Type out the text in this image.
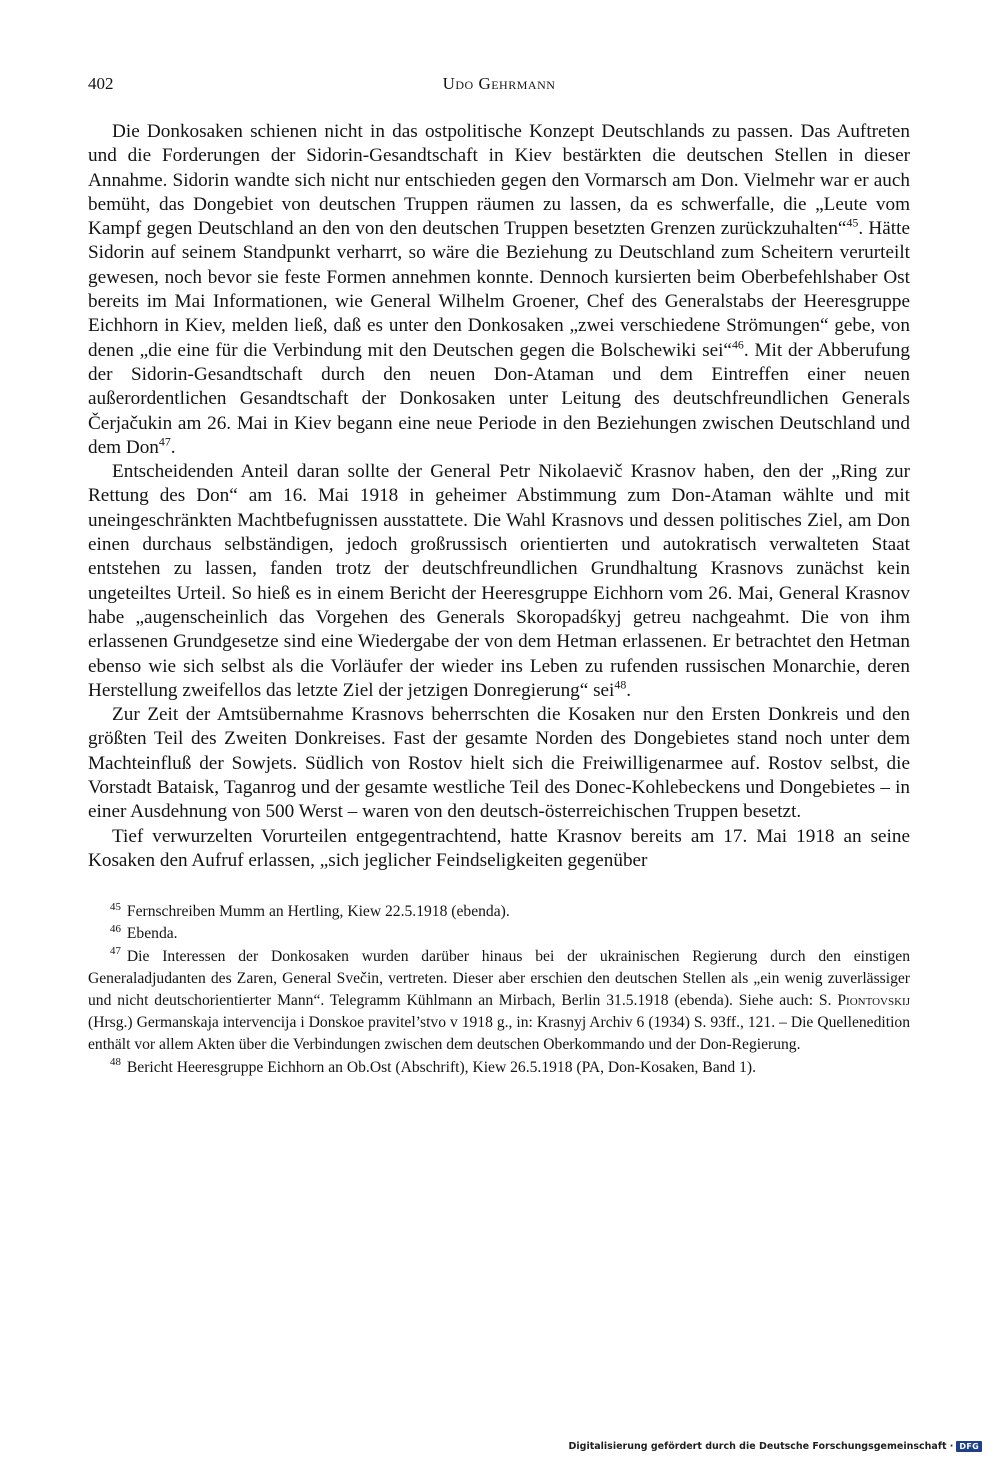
402	Udo Gehrmann

Die Donkosaken schienen nicht in das ostpolitische Konzept Deutschlands zu passen. Das Auftreten und die Forderungen der Sidorin-Gesandtschaft in Kiev bestärkten die deutschen Stellen in dieser Annahme. Sidorin wandte sich nicht nur entschieden gegen den Vormarsch am Don. Vielmehr war er auch bemüht, das Dongebiet von deutschen Truppen räumen zu lassen, da es schwerfalle, die „Leute vom Kampf gegen Deutschland an den von den deutschen Truppen besetzten Grenzen zurückzuhalten“$^{45}$. Hätte Sidorin auf seinem Standpunkt verharrt, so wäre die Beziehung zu Deutschland zum Scheitern verurteilt gewesen, noch bevor sie feste Formen annehmen konnte. Dennoch kursierten beim Oberbefehlshaber Ost bereits im Mai Informationen, wie General Wilhelm Groener, Chef des Generalstabs der Heeresgruppe Eichhorn in Kiev, melden ließ, daß es unter den Donkosaken „zwei verschiedene Strömungen“ gebe, von denen „die eine für die Verbindung mit den Deutschen gegen die Bolschewiki sei“$^{46}$. Mit der Abberufung der Sidorin-Gesandtschaft durch den neuen Don-Ataman und dem Eintreffen einer neuen außerordentlichen Gesandtschaft der Donkosaken unter Leitung des deutschfreundlichen Generals Čerjačukin am 26. Mai in Kiev begann eine neue Periode in den Beziehungen zwischen Deutschland und dem Don$^{47}$.

Entscheidenden Anteil daran sollte der General Petr Nikolaevič Krasnov haben, den der „Ring zur Rettung des Don“ am 16. Mai 1918 in geheimer Abstimmung zum Don-Ataman wählte und mit uneingeschränkten Machtbefugnissen ausstattete. Die Wahl Krasnovs und dessen politisches Ziel, am Don einen durchaus selbständigen, jedoch großrussisch orientierten und autokratisch verwalteten Staat entstehen zu lassen, fanden trotz der deutschfreundlichen Grundhaltung Krasnovs zunächst kein ungeteiltes Urteil. So hieß es in einem Bericht der Heeresgruppe Eichhorn vom 26. Mai, General Krasnov habe „augenscheinlich das Vorgehen des Generals Skoropadśkyj getreu nachgeahmt. Die von ihm erlassenen Grundgesetze sind eine Wiedergabe der von dem Hetman erlassenen. Er betrachtet den Hetman ebenso wie sich selbst als die Vorläufer der wieder ins Leben zu rufenden russischen Monarchie, deren Herstellung zweifellos das letzte Ziel der jetzigen Donregierung“ sei$^{48}$.

Zur Zeit der Amtsübernahme Krasnovs beherrschten die Kosaken nur den Ersten Donkreis und den größten Teil des Zweiten Donkreises. Fast der gesamte Norden des Dongebietes stand noch unter dem Machteinfluß der Sowjets. Südlich von Rostov hielt sich die Freiwilligenarmee auf. Rostov selbst, die Vorstadt Bataisk, Taganrog und der gesamte westliche Teil des Donec-Kohlebeckens und Dongebietes – in einer Ausdehnung von 500 Werst – waren von den deutsch-österreichischen Truppen besetzt.

Tief verwurzelten Vorurteilen entgegentrachtend, hatte Krasnov bereits am 17. Mai 1918 an seine Kosaken den Aufruf erlassen, „sich jeglicher Feindseligkeiten gegenüber

$^{45}$ Fernschreiben Mumm an Hertling, Kiew 22.5.1918 (ebenda).

$^{46}$ Ebenda.

$^{47}$ Die Interessen der Donkosaken wurden darüber hinaus bei der ukrainischen Regierung durch den einstigen Generaladjudanten des Zaren, General Svečin, vertreten. Dieser aber erschien den deutschen Stellen als „ein wenig zuverlässiger und nicht deutschorientierter Mann“. Telegramm Kühlmann an Mirbach, Berlin 31.5.1918 (ebenda). Siehe auch: S. Piontovskij (Hrsg.) Germanskaja intervencija i Donskoe pravitel’stvo v 1918 g., in: Krasnyj Archiv 6 (1934) S. 93ff., 121. – Die Quellenedition enthält vor allem Akten über die Verbindungen zwischen dem deutschen Oberkommando und der Don-Regierung.

$^{48}$ Bericht Heeresgruppe Eichhorn an Ob.Ost (Abschrift), Kiew 26.5.1918 (PA, Don-Kosaken, Band 1).

Digitalisierung gefördert durch die Deutsche Forschungsgemeinschaft · DFG
